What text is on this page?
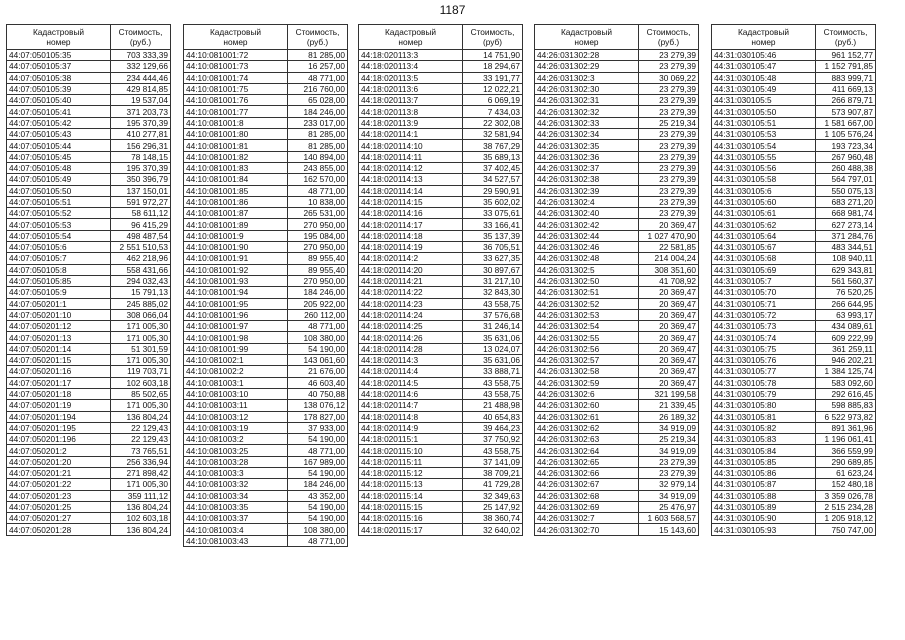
1187
Кадастровый
номер	Стоимость,
(руб.)
44:07:050105:35	703 333,39
44:07:050105:37	332 129,66
44:07:050105:38	234 444,46
44:07:050105:39	429 814,85
44:07:050105:40	19 537,04
44:07:050105:41	371 203,73
44:07:050105:42	195 370,39
44:07:050105:43	410 277,81
44:07:050105:44	156 296,31
44:07:050105:45	78 148,15
44:07:050105:48	195 370,39
44:07:050105:49	350 396,79
44:07:050105:50	137 150,01
44:07:050105:51	591 972,27
44:07:050105:52	58 611,12
44:07:050105:53	96 415,29
44:07:050105:54	498 487,54
44:07:050105:6	2 551 510,53
44:07:050105:7	462 218,96
44:07:050105:8	558 431,66
44:07:050105:85	294 032,43
44:07:050105:9	15 791,13
44:07:050201:1	245 885,02
44:07:050201:10	308 066,04
44:07:050201:12	171 005,30
44:07:050201:13	171 005,30
44:07:050201:14	51 301,59
44:07:050201:15	171 005,30
44:07:050201:16	119 703,71
44:07:050201:17	102 603,18
44:07:050201:18	85 502,65
44:07:050201:19	171 005,30
44:07:050201:194	136 804,24
44:07:050201:195	22 129,43
44:07:050201:196	22 129,43
44:07:050201:2	73 765,51
44:07:050201:20	256 336,94
44:07:050201:21	271 898,42
44:07:050201:22	171 005,30
44:07:050201:23	359 111,12
44:07:050201:25	136 804,24
44:07:050201:27	102 603,18
44:07:050201:28	136 804,24
Кадастровый
номер	Стоимость,
(руб.)
44:10:081001:72	81 285,00
44:10:081001:73	16 257,00
44:10:081001:74	48 771,00
44:10:081001:75	216 760,00
44:10:081001:76	65 028,00
44:10:081001:77	184 246,00
44:10:081001:8	233 017,00
44:10:081001:80	81 285,00
44:10:081001:81	81 285,00
44:10:081001:82	140 894,00
44:10:081001:83	243 855,00
44:10:081001:84	162 570,00
44:10:081001:85	48 771,00
44:10:081001:86	10 838,00
44:10:081001:87	265 531,00
44:10:081001:89	270 950,00
44:10:081001:9	195 084,00
44:10:081001:90	270 950,00
44:10:081001:91	89 955,40
44:10:081001:92	89 955,40
44:10:081001:93	270 950,00
44:10:081001:94	184 246,00
44:10:081001:95	205 922,00
44:10:081001:96	260 112,00
44:10:081001:97	48 771,00
44:10:081001:98	108 380,00
44:10:081001:99	54 190,00
44:10:081002:1	143 061,60
44:10:081002:2	21 676,00
44:10:081003:1	46 603,40
44:10:081003:10	40 750,88
44:10:081003:11	138 076,12
44:10:081003:12	178 827,00
44:10:081003:19	37 933,00
44:10:081003:2	54 190,00
44:10:081003:25	48 771,00
44:10:081003:28	167 989,00
44:10:081003:3	54 190,00
44:10:081003:32	184 246,00
44:10:081003:34	43 352,00
44:10:081003:35	54 190,00
44:10:081003:37	54 190,00
44:10:081003:4	108 380,00
44:10:081003:43	48 771,00
Кадастровый
номер	Стоимость,
(руб)
44:18:020113:3	14 751,90
44:18:020113:4	18 294,67
44:18:020113:5	33 191,77
44:18:020113:6	12 022,21
44:18:020113:7	6 069,19
44:18:020113:8	7 434,03
44:18:020113:9	22 302,08
44:18:020114:1	32 581,94
44:18:020114:10	38 767,29
44:18:020114:11	35 689,13
44:18:020114:12	37 402,45
44:18:020114:13	34 527,57
44:18:020114:14	29 590,91
44:18:020114:15	35 602,02
44:18:020114:16	33 075,61
44:18:020114:17	33 166,41
44:18:020114:18	35 137,39
44:18:020114:19	36 705,51
44:18:020114:2	33 627,35
44:18:020114:20	30 897,67
44:18:020114:21	31 217,10
44:18:020114:22	32 843,30
44:18:020114:23	43 558,75
44:18:020114:24	37 576,68
44:18:020114:25	31 246,14
44:18:020114:26	35 631,06
44:18:020114:28	13 024,07
44:18:020114:3	35 631,06
44:18:020114:4	33 888,71
44:18:020114:5	43 558,75
44:18:020114:6	43 558,75
44:18:020114:7	21 488,98
44:18:020114:8	40 654,83
44:18:020114:9	39 464,23
44:18:020115:1	37 750,92
44:18:020115:10	43 558,75
44:18:020115:11	37 141,09
44:18:020115:12	38 709,21
44:18:020115:13	41 729,28
44:18:020115:14	32 349,63
44:18:020115:15	25 147,92
44:18:020115:16	38 360,74
44:18:020115:17	32 640,02
Кадастровый
номер	Стоимость,
(руб.)
44:26:031302:28	23 279,39
44:26:031302:29	23 279,39
44:26:031302:3	30 069,22
44:26:031302:30	23 279,39
44:26:031302:31	23 279,39
44:26:031302:32	23 279,39
44:26:031302:33	25 219,34
44:26:031302:34	23 279,39
44:26:031302:35	23 279,39
44:26:031302:36	23 279,39
44:26:031302:37	23 279,39
44:26:031302:38	23 279,39
44:26:031302:39	23 279,39
44:26:031302:4	23 279,39
44:26:031302:40	23 279,39
44:26:031302:42	20 369,47
44:26:031302:44	1 027 470,90
44:26:031302:46	22 581,85
44:26:031302:48	214 004,24
44:26:031302:5	308 351,60
44:26:031302:50	41 708,92
44:26:031302:51	20 369,47
44:26:031302:52	20 369,47
44:26:031302:53	20 369,47
44:26:031302:54	20 369,47
44:26:031302:55	20 369,47
44:26:031302:56	20 369,47
44:26:031302:57	20 369,47
44:26:031302:58	20 369,47
44:26:031302:59	20 369,47
44:26:031302:6	321 199,58
44:26:031302:60	21 339,45
44:26:031302:61	26 189,32
44:26:031302:62	34 919,09
44:26:031302:63	25 219,34
44:26:031302:64	34 919,09
44:26:031302:65	23 279,39
44:26:031302:66	23 279,39
44:26:031302:67	32 979,14
44:26:031302:68	34 919,09
44:26:031302:69	25 476,97
44:26:031302:7	1 603 568,57
44:26:031302:70	15 143,60
Кадастровый
номер	Стоимость,
(руб.)
44:31:030105:46	961 152,77
44:31:030105:47	1 152 791,85
44:31:030105:48	883 999,71
44:31:030105:49	411 669,13
44:31:030105:5	266 879,71
44:31:030105:50	573 907,87
44:31:030105:51	1 581 667,00
44:31:030105:53	1 105 576,24
44:31:030105:54	193 723,34
44:31:030105:55	267 960,48
44:31:030105:56	260 488,38
44:31:030105:58	564 797,01
44:31:030105:6	550 075,13
44:31:030105:60	683 271,20
44:31:030105:61	668 981,74
44:31:030105:62	627 273,14
44:31:030105:64	371 284,76
44:31:030105:67	483 344,51
44:31:030105:68	108 940,11
44:31:030105:69	629 343,81
44:31:030105:7	561 560,37
44:31:030105:70	76 520,25
44:31:030105:71	266 644,95
44:31:030105:72	63 993,17
44:31:030105:73	434 089,61
44:31:030105:74	609 222,99
44:31:030105:75	361 259,11
44:31:030105:76	946 202,21
44:31:030105:77	1 384 125,74
44:31:030105:78	583 092,60
44:31:030105:79	292 616,45
44:31:030105:80	598 885,83
44:31:030105:81	6 522 973,82
44:31:030105:82	891 361,96
44:31:030105:83	1 196 061,41
44:31:030105:84	366 559,99
44:31:030105:85	290 689,85
44:31:030105:86	61 623,24
44:31:030105:87	152 480,18
44:31:030105:88	3 359 026,78
44:31:030105:89	2 515 234,28
44:31:030105:90	1 205 918,12
44:31:030105:93	750 747,00
